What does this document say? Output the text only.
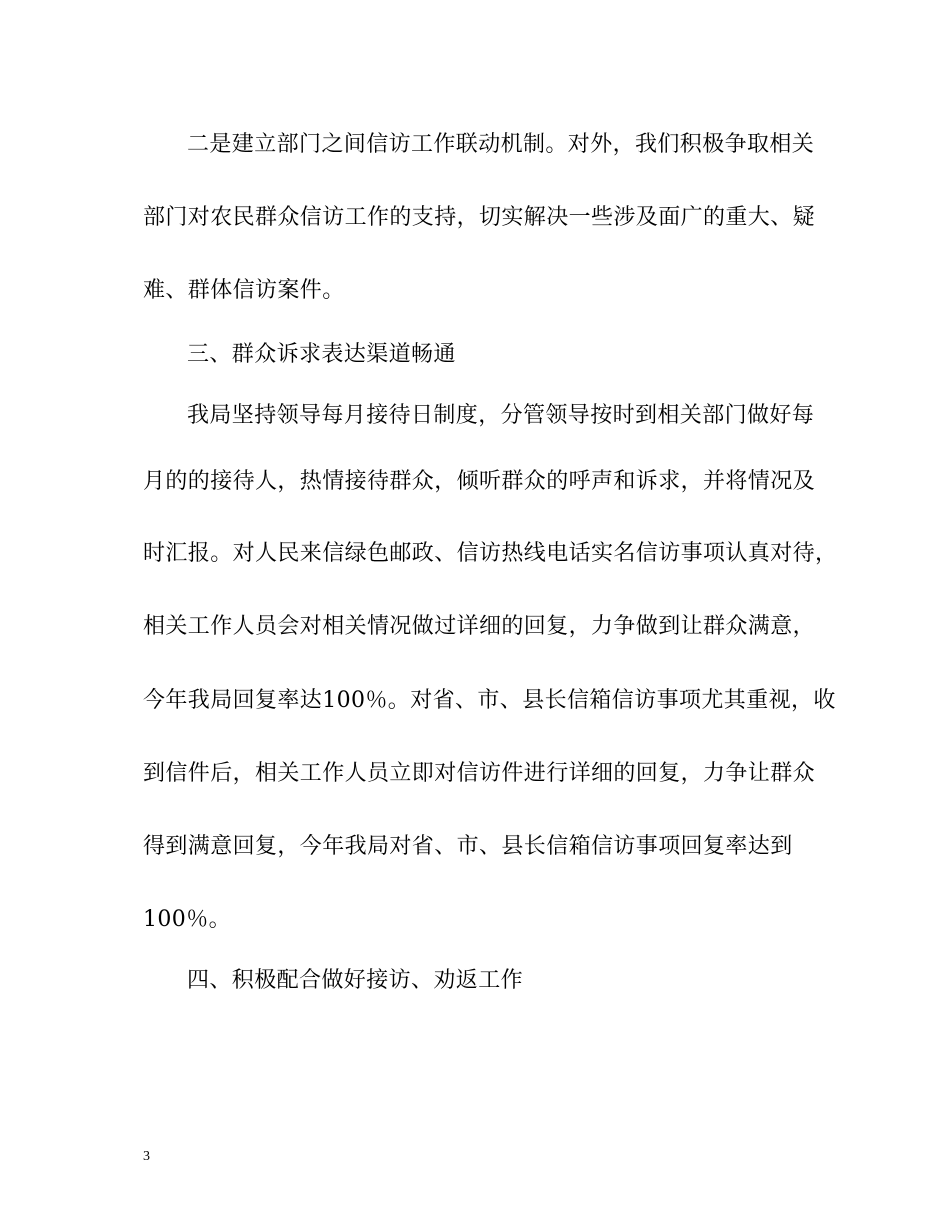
二是建立部门之间信访工作联动机制。对外，我们积极争取相关
部门对农民群众信访工作的支持，切实解决一些涉及面广的重大、疑
难、群体信访案件。
三、群众诉求表达渠道畅通
我局坚持领导每月接待日制度，分管领导按时到相关部门做好每
月的的接待人，热情接待群众，倾听群众的呼声和诉求，并将情况及
时汇报。对人民来信绿色邮政、信访热线电话实名信访事项认真对待，
相关工作人员会对相关情况做过详细的回复，力争做到让群众满意，
今年我局回复率达100％。对省、市、县长信箱信访事项尤其重视，收
到信件后，相关工作人员立即对信访件进行详细的回复，力争让群众
得到满意回复，今年我局对省、市、县长信箱信访事项回复率达到
100％。
四、积极配合做好接访、劝返工作
3
